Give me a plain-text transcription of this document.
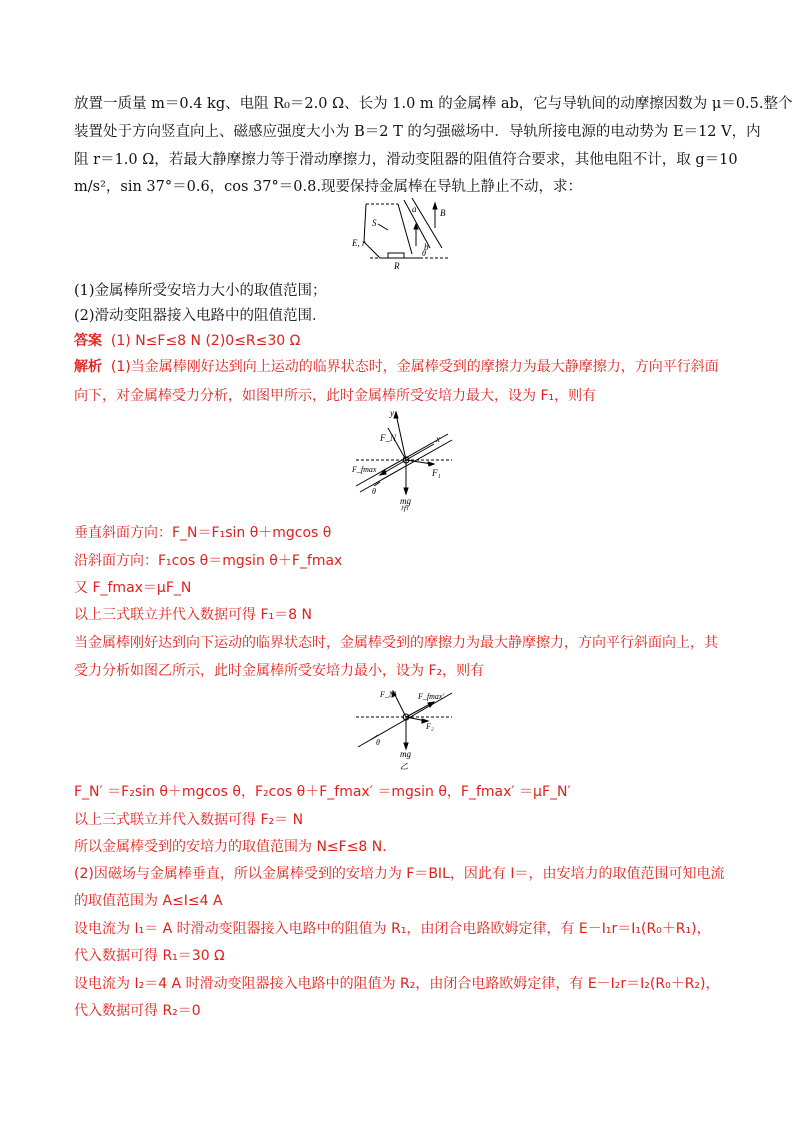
放置一质量 m＝0.4 kg、电阻 R₀＝2.0 Ω、长为 1.0 m 的金属棒 ab，它与导轨间的动摩擦因数为 μ＝0.5.整个
装置处于方向竖直向上、磁感应强度大小为 B＝2 T 的匀强磁场中．导轨所接电源的电动势为 E＝12 V，内
阻 r＝1.0 Ω，若最大静摩擦力等于滑动摩擦力，滑动变阻器的阻值符合要求，其他电阻不计，取 g＝10
m/s²，sin 37°＝0.6，cos 37°＝0.8.现要保持金属棒在导轨上静止不动，求：
a
b
B
S
E, r
R
θ
(1)金属棒所受安培力大小的取值范围；
(2)滑动变阻器接入电路中的阻值范围．
答案 (1) N≤F≤8 N (2)0≤R≤30 Ω
解析 (1)当金属棒刚好达到向上运动的临界状态时，金属棒受到的摩擦力为最大静摩擦力，方向平行斜面
向下，对金属棒受力分析，如图甲所示，此时金属棒所受安培力最大，设为 F₁，则有
y
x
F_N
F_fmax	F₁
θ
mg
甲
垂直斜面方向：F_N＝F₁sin θ＋mgcos θ
沿斜面方向：F₁cos θ＝mgsin θ＋F_fmax
又 F_fmax＝μF_N
以上三式联立并代入数据可得 F₁＝8 N
当金属棒刚好达到向下运动的临界状态时，金属棒受到的摩擦力为最大静摩擦力，方向平行斜面向上，其
受力分析如图乙所示，此时金属棒所受安培力最小，设为 F₂，则有
F_N′	F_fmax′
F₂
θ
mg
乙
F_N′ ＝F₂sin θ＋mgcos θ，F₂cos θ＋F_fmax′ ＝mgsin θ，F_fmax′ ＝μF_N′
以上三式联立并代入数据可得 F₂＝ N
所以金属棒受到的安培力的取值范围为 N≤F≤8 N.
(2)因磁场与金属棒垂直，所以金属棒受到的安培力为 F＝BIL，因此有 I＝，由安培力的取值范围可知电流
的取值范围为 A≤I≤4 A
设电流为 I₁＝ A 时滑动变阻器接入电路中的阻值为 R₁，由闭合电路欧姆定律，有 E－I₁r＝I₁(R₀＋R₁)，
代入数据可得 R₁＝30 Ω
设电流为 I₂＝4 A 时滑动变阻器接入电路中的阻值为 R₂，由闭合电路欧姆定律，有 E－I₂r＝I₂(R₀＋R₂)，
代入数据可得 R₂＝0
